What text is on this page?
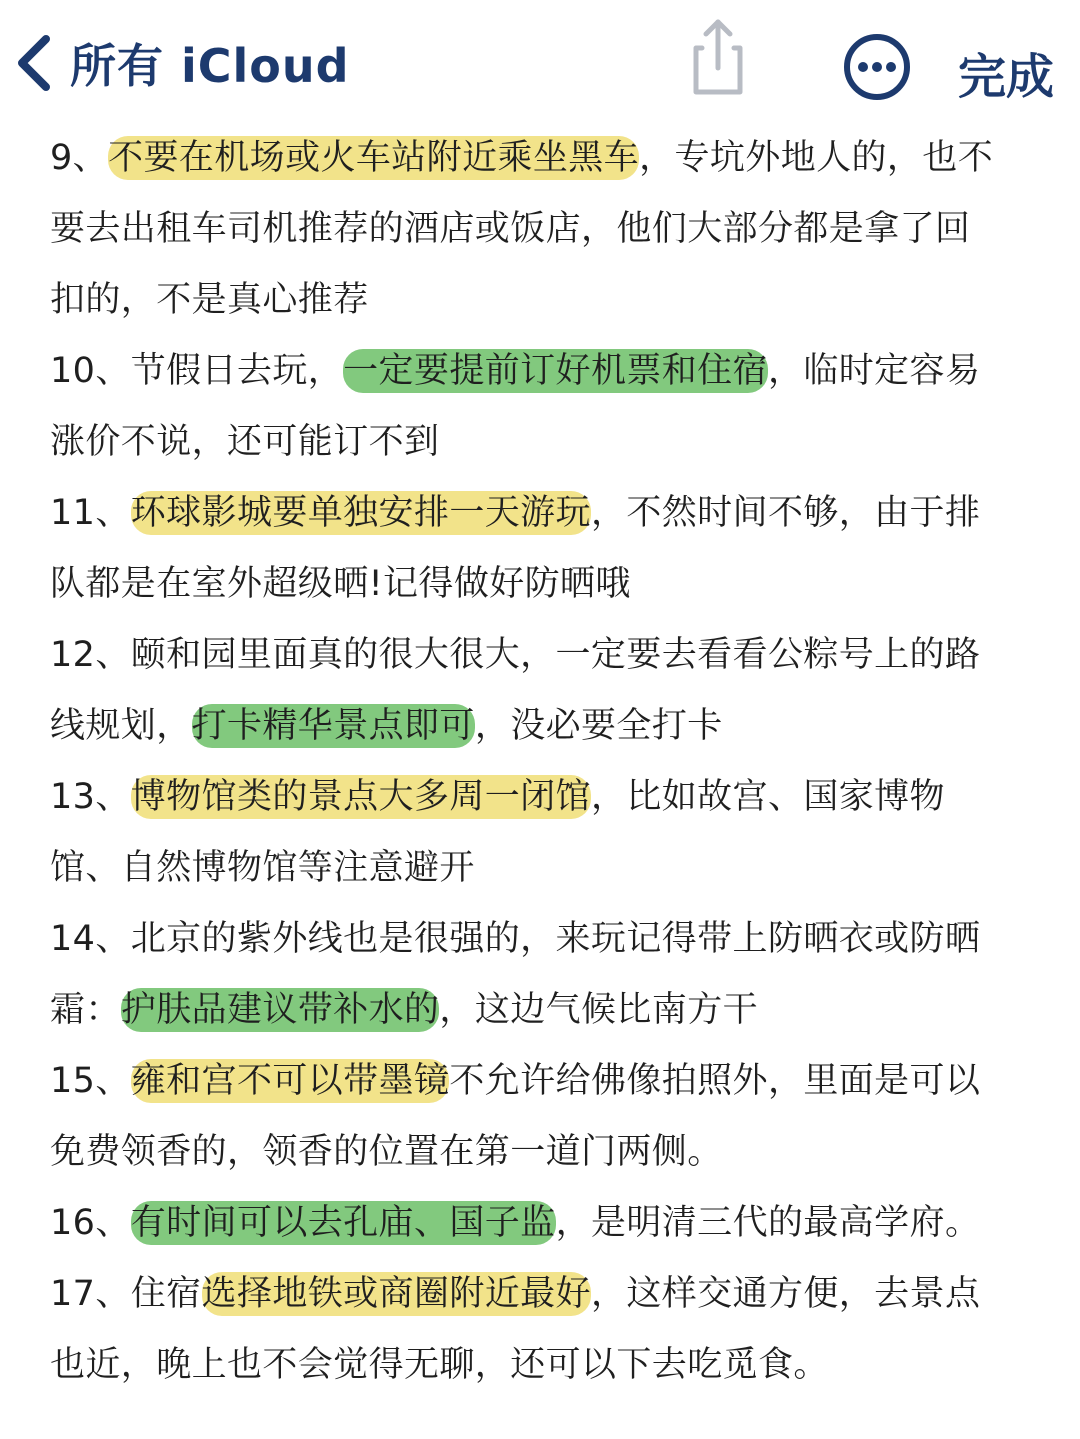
所有 iCloud	完成
9、不要在机场或火车站附近乘坐黑车，专坑外地人的，也不
要去出租车司机推荐的酒店或饭店，他们大部分都是拿了回
扣的，不是真心推荐
10、节假日去玩，一定要提前订好机票和住宿，临时定容易
涨价不说，还可能订不到
11、环球影城要单独安排一天游玩，不然时间不够，由于排
队都是在室外超级晒!记得做好防晒哦
12、颐和园里面真的很大很大，一定要去看看公粽号上的路
线规划，打卡精华景点即可，没必要全打卡
13、博物馆类的景点大多周一闭馆，比如故宫、国家博物
馆、自然博物馆等注意避开
14、北京的紫外线也是很强的，来玩记得带上防晒衣或防晒
霜：护肤品建议带补水的，这边气候比南方干
15、雍和宫不可以带墨镜不允许给佛像拍照外，里面是可以
免费领香的，领香的位置在第一道门两侧。
16、有时间可以去孔庙、国子监，是明清三代的最高学府。
17、住宿选择地铁或商圈附近最好，这样交通方便，去景点
也近，晚上也不会觉得无聊，还可以下去吃觅食。
